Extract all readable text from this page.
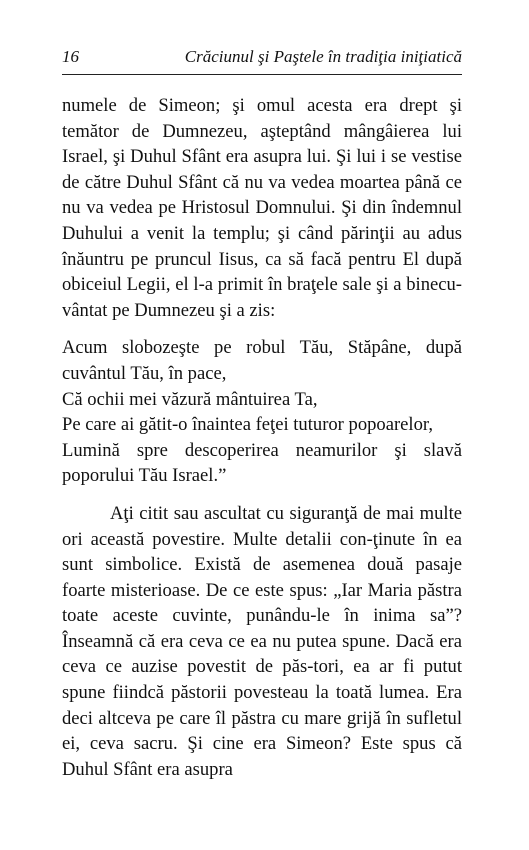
16	Crăciunul şi Paştele în tradiţia iniţiatică

numele de Simeon; şi omul acesta era drept şi temător de Dumnezeu, aşteptând mângâierea lui Israel, şi Duhul Sfânt era asupra lui. Şi lui i se vestise de către Duhul Sfânt că nu va vedea moartea până ce nu va vedea pe Hristosul Domnului. Şi din îndemnul Duhului a venit la templu; şi când părinţii au adus înăuntru pe pruncul Iisus, ca să facă pentru El după obiceiul Legii, el l-a primit în braţele sale şi a binecu-vântat pe Dumnezeu şi a zis:

Acum slobozeşte pe robul Tău, Stăpâne, după cuvântul Tău, în pace,
Că ochii mei văzură mântuirea Ta,
Pe care ai gătit-o înaintea feţei tuturor popoarelor,
Lumină spre descoperirea neamurilor şi slavă poporului Tău Israel.”

Aţi citit sau ascultat cu siguranţă de mai multe ori această povestire. Multe detalii con-ţinute în ea sunt simbolice. Există de asemenea două pasaje foarte misterioase. De ce este spus: „Iar Maria păstra toate aceste cuvinte, punându-le în inima sa”? Înseamnă că era ceva ce ea nu putea spune. Dacă era ceva ce auzise povestit de păs-tori, ea ar fi putut spune fiindcă păstorii povesteau la toată lumea. Era deci altceva pe care îl păstra cu mare grijă în sufletul ei, ceva sacru. Şi cine era Simeon? Este spus că Duhul Sfânt era asupra
